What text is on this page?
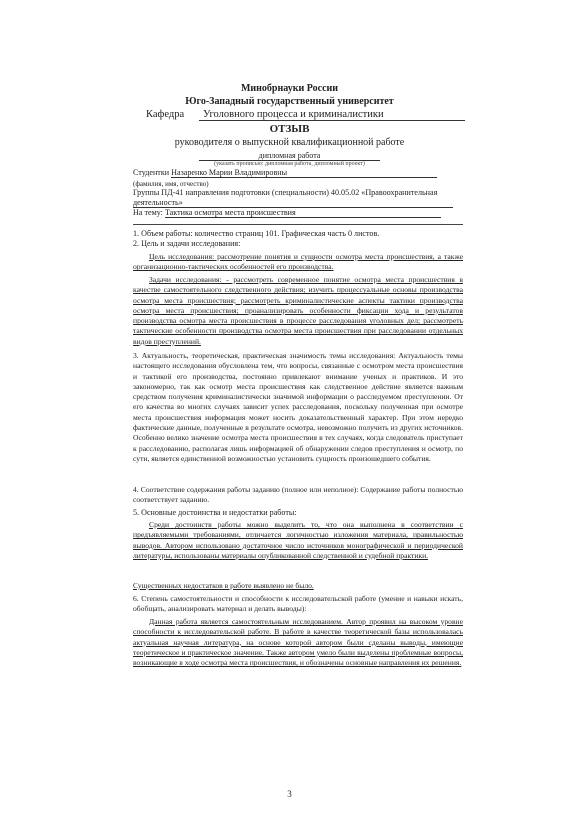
Минобрнауки России
Юго-Западный государственный университет
Кафедра	Уголовного процесса и криминалистики
ОТЗЫВ
руководителя о выпускной квалификационной работе
дипломная работа
(указать прописью: дипломная работа, дипломный проект)
Студентки Назаренко Марии Владимировны
(фамилия, имя, отчество)
Группы ПД-41 направления подготовки (специальности) 40.05.02 «Правоохранительная
деятельность»
На тему: Тактика осмотра места происшествия
1. Объем работы: количество страниц 101. Графическая часть 0 листов.
2. Цель и задачи исследования:
Цель исследования: рассмотрение понятия и сущности осмотра места происшествия, а также организационно-тактических особенностей его производства.
Задачи исследования: - рассмотреть современное понятие осмотра места происшествия в качестве самостоятельного следственного действия; изучить процессуальные основы производства осмотра места происшествия; рассмотреть криминалистические аспекты тактики производства осмотра места происшествия; проанализировать особенности фиксации хода и результатов производства осмотра места происшествия в процессе расследования уголовных дел; рассмотреть тактические особенности производства осмотра места происшествия при расследовании отдельных видов преступлений.
3. Актуальность, теоретическая, практическая значимость темы исследования: Актуальность темы настоящего исследования обусловлена тем, что вопросы, связанные с осмотром места происшествия и тактикой его производства, постоянно привлекают внимание ученых и практиков. И это закономерно, так как осмотр места происшествия как следственное действие является важным средством получения криминалистически значимой информации о расследуемом преступлении. От его качества во многих случаях зависит успех расследования, поскольку полученная при осмотре места происшествия информация может носить доказательственный характер. При этом нередко фактические данные, полученные в результате осмотра, невозможно получить из других источников. Особенно велико значение осмотра места происшествия в тех случаях, когда следователь приступает к расследованию, располагая лишь информацией об обнаружении следов преступления и осмотр, по сути, является единственной возможностью установить сущность произошедшего события.
4. Соответствие содержания работы заданию (полное или неполное): Содержание работы полностью соответствует заданию.
5. Основные достоинства и недостатки работы:
Среди достоинств работы можно выделить то, что она выполнена в соответствии с предъявляемыми требованиями, отличается логичностью изложения материала, правильностью выводов. Автором использовано достаточное число источников монографической и периодической литературы, использованы материалы опубликованной следственной и судебной практики.
Существенных недостатков в работе выявлено не было.
6. Степень самостоятельности и способности к исследовательской работе (умение и навыки искать, обобщать, анализировать материал и делать выводы):
Данная работа является самостоятельным исследованием. Автор проявил на высоком уровне способности к исследовательской работе. В работе в качестве теоретической базы использовалась актуальная научная литература, на основе которой автором были сделаны выводы, имеющие теоретическое и практическое значение. Также автором умело были выделены проблемные вопросы, возникающие в ходе осмотра места происшествия, и обозначены основные направления их решения.
3
